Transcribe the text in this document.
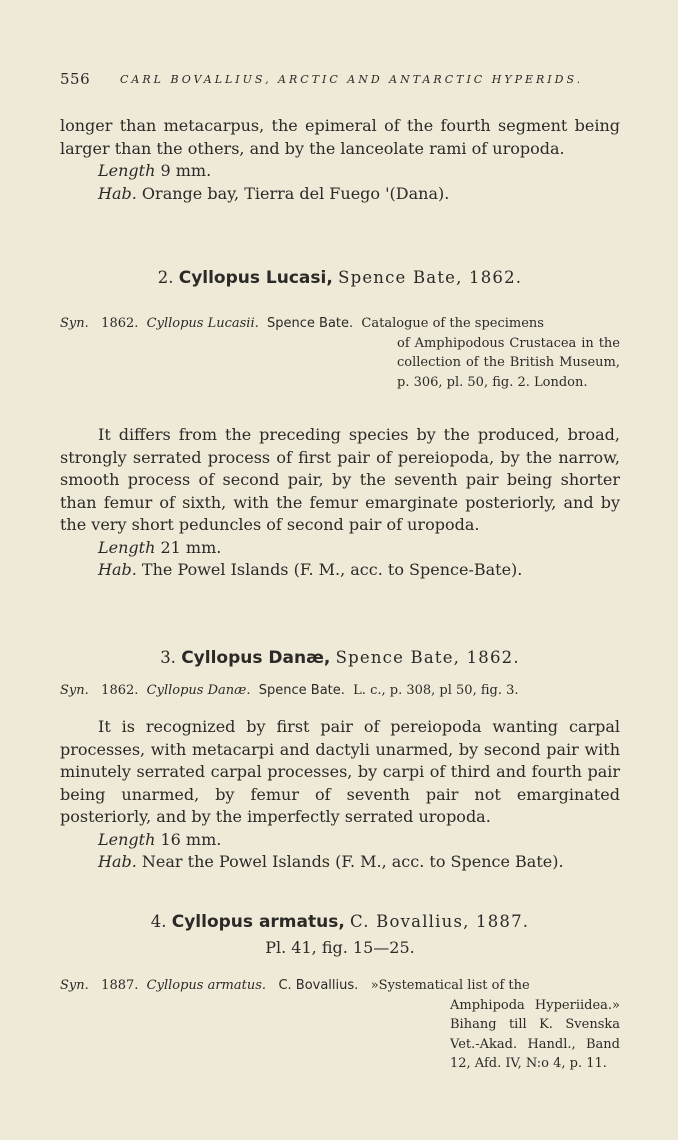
556	CARL BOVALLIUS, ARCTIC AND ANTARCTIC HYPERIDS.

longer than metacarpus, the epimeral of the fourth segment being larger than the others, and by the lanceolate rami of uropoda.

Length 9 mm.
Hab. Orange bay, Tierra del Fuego '(Dana).
2. Cyllopus Lucasi, Spence Bate, 1862.
Syn. 1862. Cyllopus Lucasii. Spence Bate. Catalogue of the specimens
of Amphipodous Crustacea in the collection of the British Museum, p. 306, pl. 50, fig. 2. London.

It differs from the preceding species by the produced, broad, strongly serrated process of first pair of pereiopoda, by the narrow, smooth process of second pair, by the seventh pair being shorter than femur of sixth, with the femur emarginate posteriorly, and by the very short peduncles of second pair of uropoda.

Length 21 mm.
Hab. The Powel Islands (F. M., acc. to Spence-Bate).
3. Cyllopus Danæ, Spence Bate, 1862.
Syn. 1862. Cyllopus Danæ. Spence Bate. L. c., p. 308, pl 50, fig. 3.

It is recognized by first pair of pereiopoda wanting carpal processes, with metacarpi and dactyli unarmed, by second pair with minutely serrated carpal processes, by carpi of third and fourth pair being unarmed, by femur of seventh pair not emarginated posteriorly, and by the imperfectly serrated uropoda.

Length 16 mm.
Hab. Near the Powel Islands (F. M., acc. to Spence Bate).
4. Cyllopus armatus, C. Bovallius, 1887.
Pl. 41, fig. 15—25.
Syn. 1887. Cyllopus armatus. C. Bovallius. »Systematical list of the
Amphipoda Hyperiidea.» Bihang till K. Svenska Vet.-Akad. Handl., Band 12, Afd. IV, N:o 4, p. 11.
